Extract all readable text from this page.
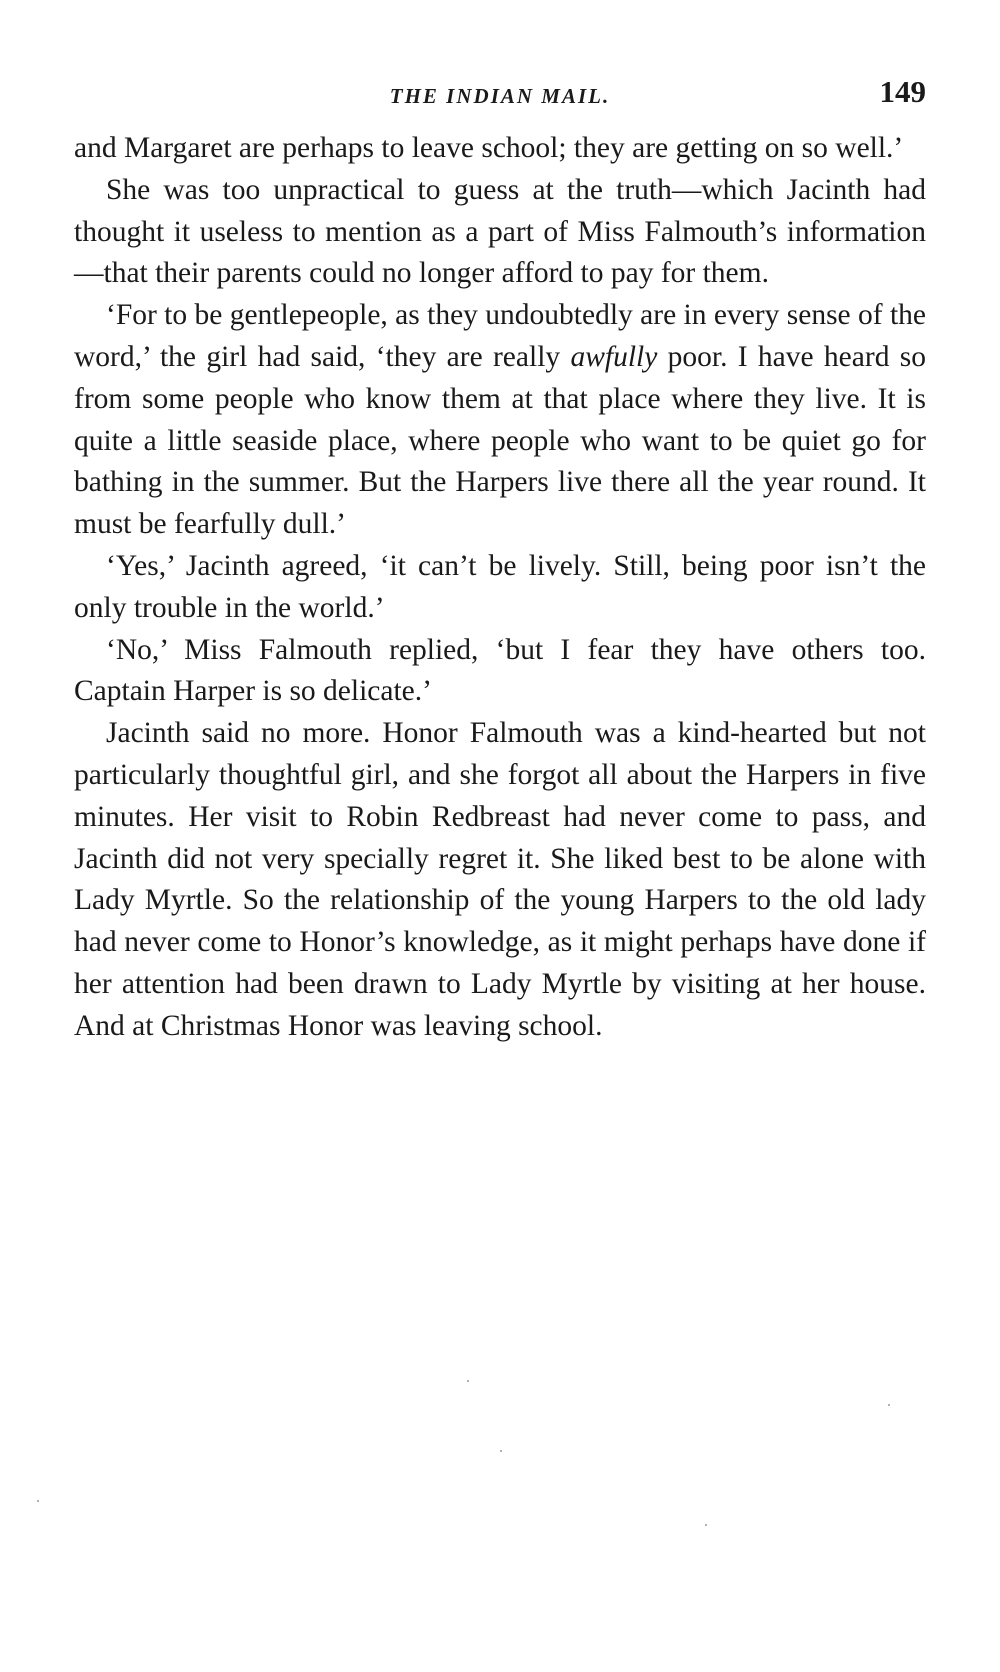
THE INDIAN MAIL.	149

and Margaret are perhaps to leave school; they are getting on so well.’

She was too unpractical to guess at the truth—which Jacinth had thought it useless to mention as a part of Miss Falmouth’s information—that their parents could no longer afford to pay for them.

‘For to be gentlepeople, as they undoubtedly are in every sense of the word,’ the girl had said, ‘they are really awfully poor. I have heard so from some people who know them at that place where they live. It is quite a little seaside place, where people who want to be quiet go for bathing in the summer. But the Harpers live there all the year round. It must be fearfully dull.’

‘Yes,’ Jacinth agreed, ‘it can’t be lively. Still, being poor isn’t the only trouble in the world.’

‘No,’ Miss Falmouth replied, ‘but I fear they have others too. Captain Harper is so delicate.’

Jacinth said no more. Honor Falmouth was a kind-hearted but not particularly thoughtful girl, and she forgot all about the Harpers in five minutes. Her visit to Robin Redbreast had never come to pass, and Jacinth did not very specially regret it. She liked best to be alone with Lady Myrtle. So the relationship of the young Harpers to the old lady had never come to Honor’s knowledge, as it might perhaps have done if her attention had been drawn to Lady Myrtle by visiting at her house. And at Christmas Honor was leaving school.
